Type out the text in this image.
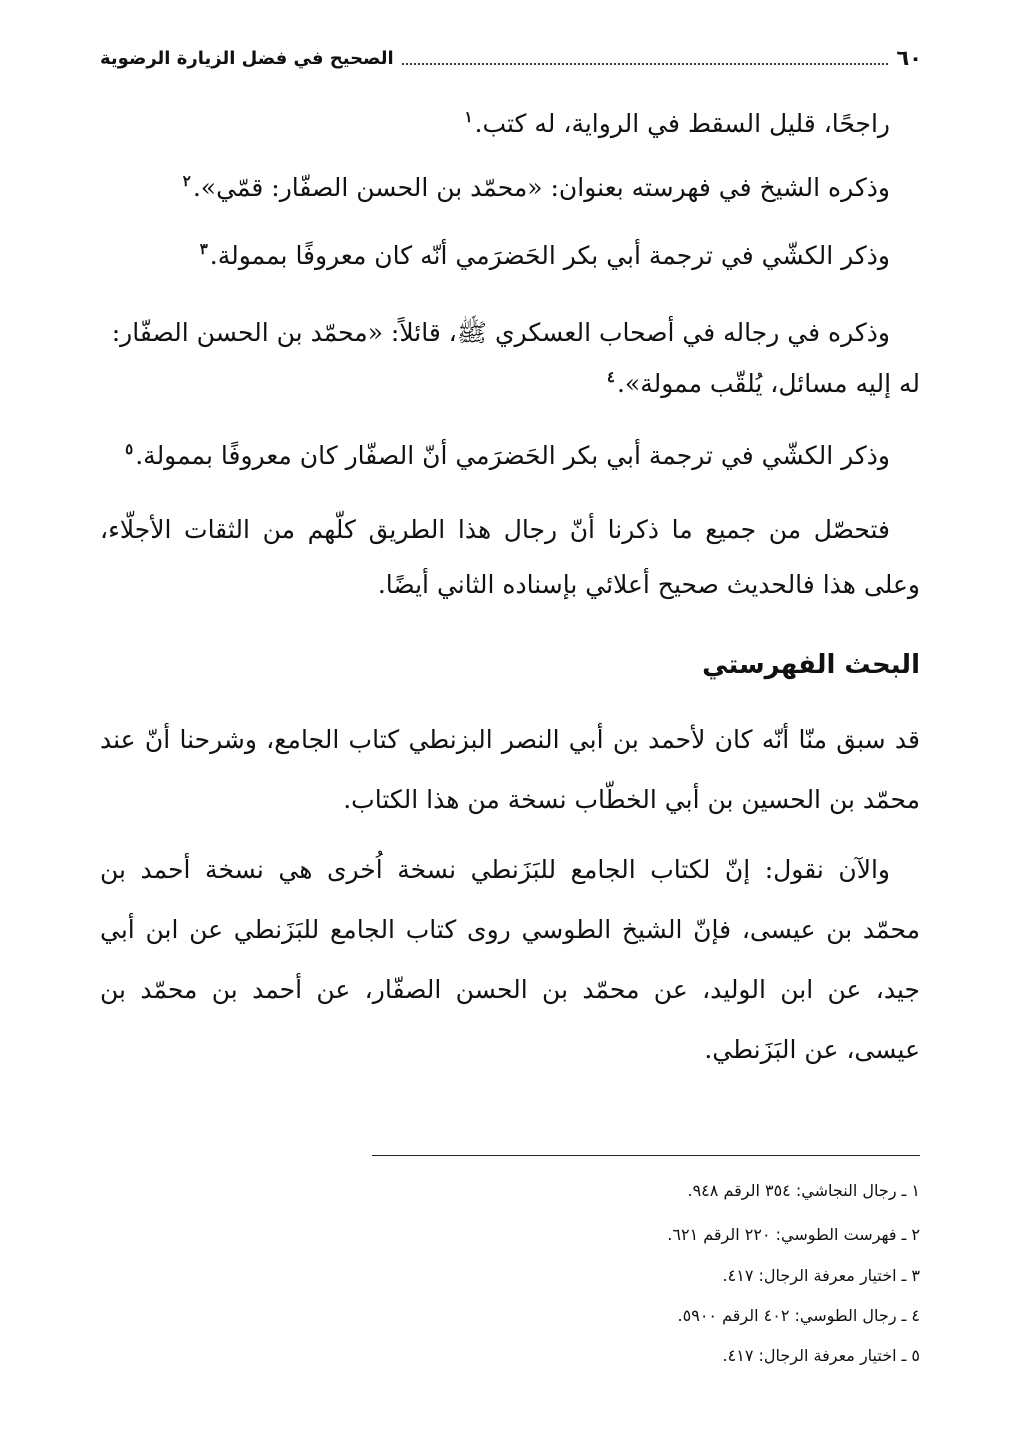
٦٠
الصحيح في فضل الزيارة الرضوية
راجحًا، قليل السقط في الرواية، له كتب.$^١$
وذكره الشيخ في فهرسته بعنوان: «محمّد بن الحسن الصفّار: قمّي».$^٢$
وذكر الكشّي في ترجمة أبي بكر الحَضرَمي أنّه كان معروفًا بممولة.$^٣$
وذكره في رجاله في أصحاب العسكري ﷺ، قائلاً: «محمّد بن الحسن الصفّار:
له إليه مسائل، يُلقّب ممولة».$^٤$
وذكر الكشّي في ترجمة أبي بكر الحَضرَمي أنّ الصفّار كان معروفًا بممولة.$^٥$
فتحصّل من جميع ما ذكرنا أنّ رجال هذا الطريق كلّهم من الثقات الأجلّاء،
وعلى هذا فالحديث صحيح أعلائي بإسناده الثاني أيضًا.
البحث الفهرستي
قد سبق منّا أنّه كان لأحمد بن أبي النصر البزنطي كتاب الجامع، وشرحنا أنّ عند
محمّد بن الحسين بن أبي الخطّاب نسخة من هذا الكتاب.
والآن نقول: إنّ لكتاب الجامع للبَزَنطي نسخة اُخرى هي نسخة أحمد بن
محمّد بن عيسى، فإنّ الشيخ الطوسي روى كتاب الجامع للبَزَنطي عن ابن أبي
جيد، عن ابن الوليد، عن محمّد بن الحسن الصفّار، عن أحمد بن محمّد بن
عيسى، عن البَزَنطي.
١ ـ رجال النجاشي: ٣٥٤ الرقم ٩٤٨.
٢ ـ فهرست الطوسي: ٢٢٠ الرقم ٦٢١.
٣ ـ اختيار معرفة الرجال: ٤١٧.
٤ ـ رجال الطوسي: ٤٠٢ الرقم ٥٩٠٠.
٥ ـ اختيار معرفة الرجال: ٤١٧.
